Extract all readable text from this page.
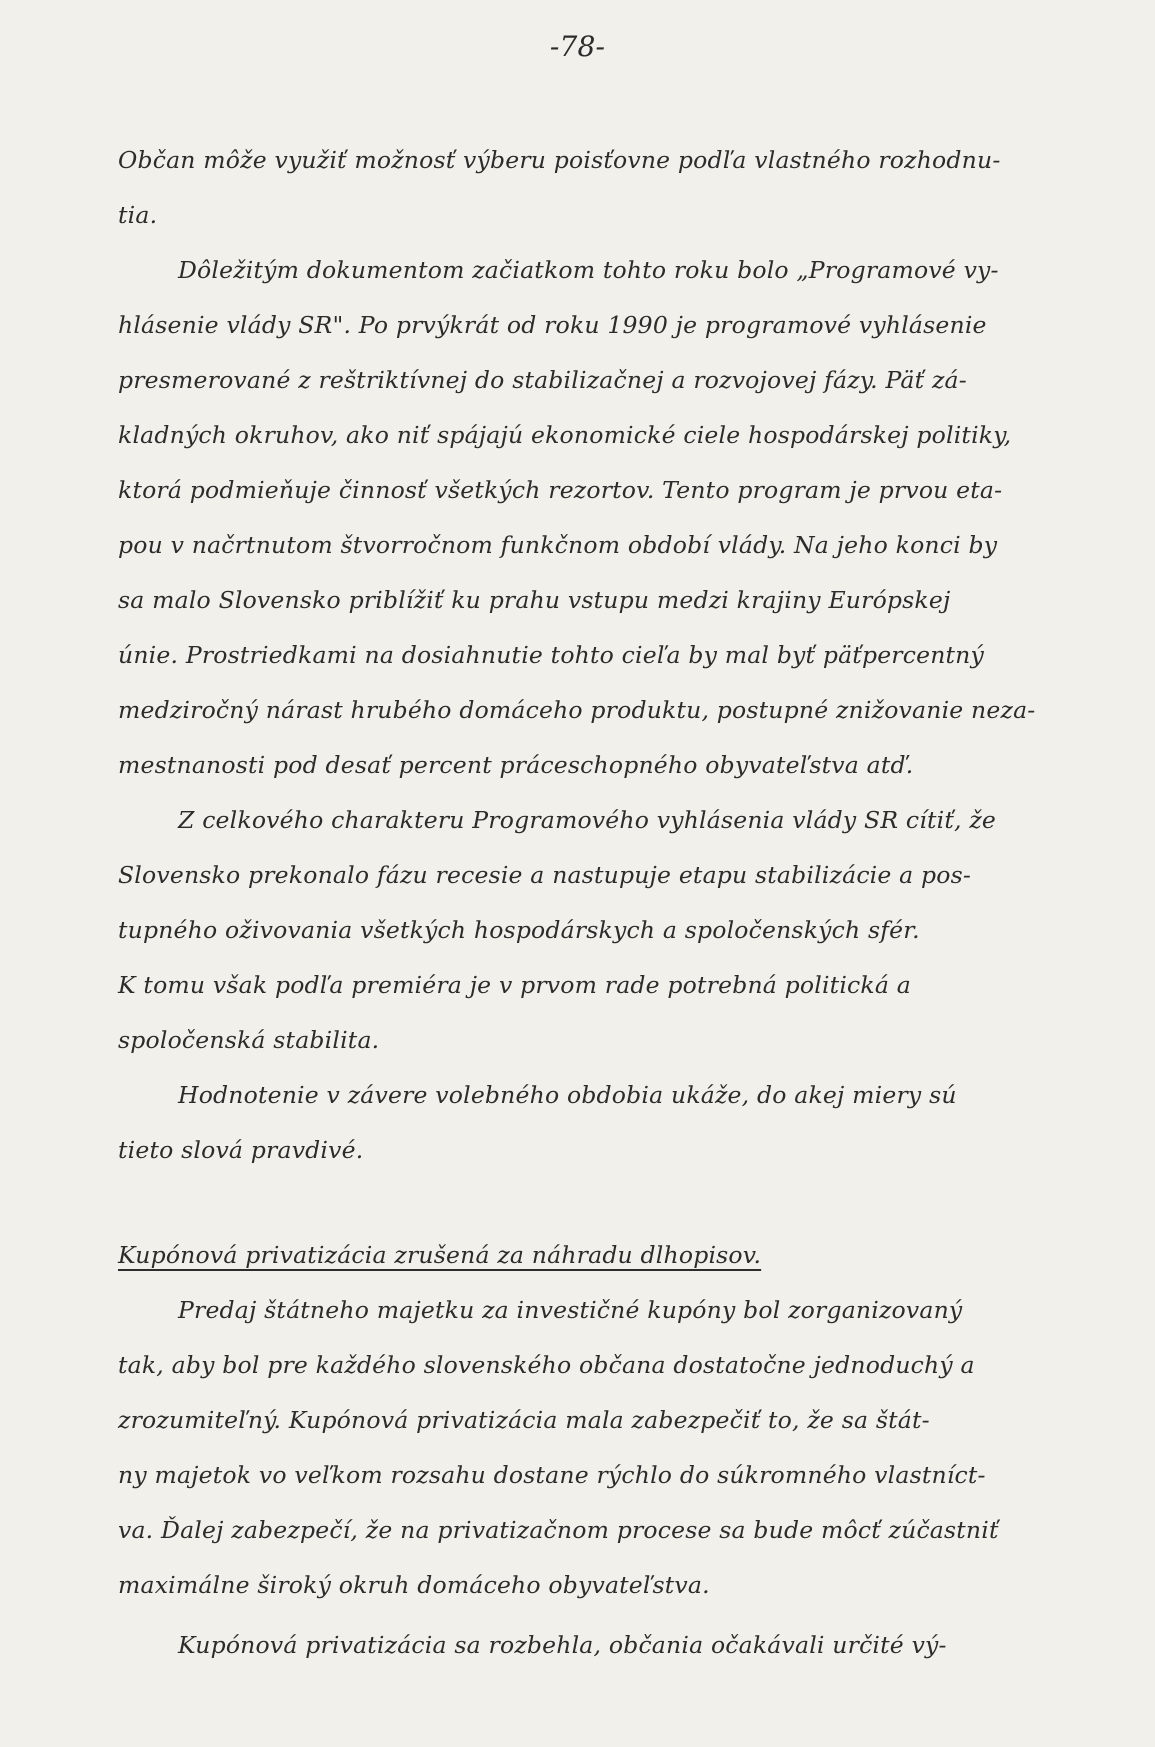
-78-
Občan môže využiť možnosť výberu poisťovne podľa vlastného rozhodnu-
tia.
Dôležitým dokumentom začiatkom tohto roku bolo „Programové vy-
hlásenie vlády SR". Po prvýkrát od roku 1990 je programové vyhlásenie
presmerované z reštriktívnej do stabilizačnej a rozvojovej fázy. Päť zá-
kladných okruhov, ako niť spájajú ekonomické ciele hospodárskej politiky,
ktorá podmieňuje činnosť všetkých rezortov. Tento program je prvou eta-
pou v načrtnutom štvorročnom funkčnom období vlády. Na jeho konci by
sa malo Slovensko priblížiť ku prahu vstupu medzi krajiny Európskej
únie. Prostriedkami na dosiahnutie tohto cieľa by mal byť päťpercentný
medziročný nárast hrubého domáceho produktu, postupné znižovanie neza-
mestnanosti pod desať percent práceschopného obyvateľstva atď.
Z celkového charakteru Programového vyhlásenia vlády SR cítiť, že
Slovensko prekonalo fázu recesie a nastupuje etapu stabilizácie a pos-
tupného oživovania všetkých hospodárskych a spoločenských sfér.
K tomu však podľa premiéra je v prvom rade potrebná politická a
spoločenská stabilita.
Hodnotenie v závere volebného obdobia ukáže, do akej miery sú
tieto slová pravdivé.
Kupónová privatizácia zrušená za náhradu dlhopisov.
Predaj štátneho majetku za investičné kupóny bol zorganizovaný
tak, aby bol pre každého slovenského občana dostatočne jednoduchý a
zrozumiteľný. Kupónová privatizácia mala zabezpečiť to, že sa štát-
ny majetok vo veľkom rozsahu dostane rýchlo do súkromného vlastníct-
va. Ďalej zabezpečí, že na privatizačnom procese sa bude môcť zúčastniť
maximálne široký okruh domáceho obyvateľstva.
Kupónová privatizácia sa rozbehla, občania očakávali určité vý-
